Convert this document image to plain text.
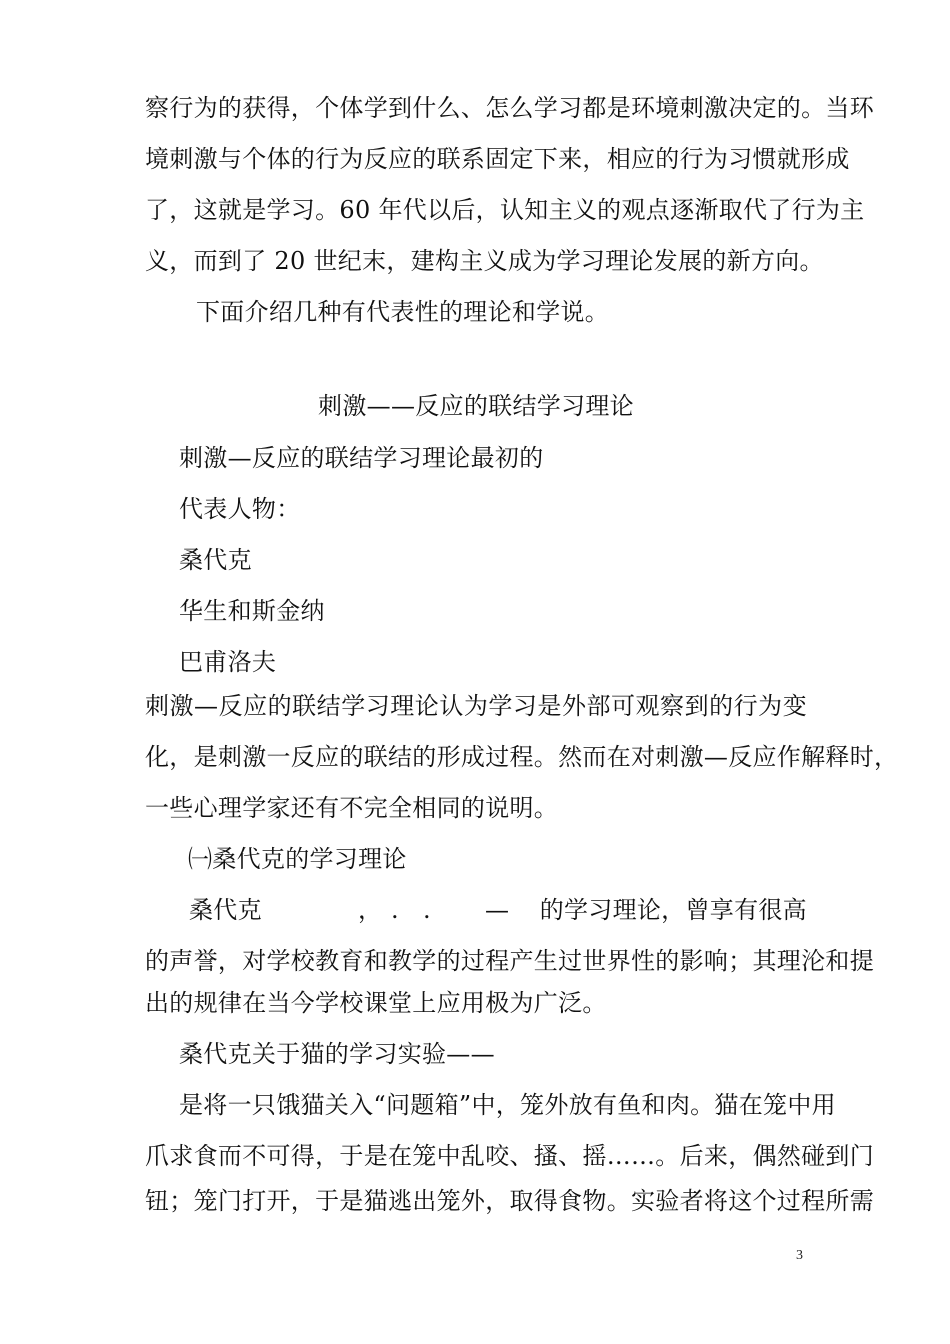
察行为的获得，个体学到什么、怎么学习都是环境刺激决定的。当环

境刺激与个体的行为反应的联系固定下来，相应的行为习惯就形成

了，这就是学习。60 年代以后，认知主义的观点逐渐取代了行为主

义，而到了 20 世纪末，建构主义成为学习理论发展的新方向。

下面介绍几种有代表性的理论和学说。

刺激——反应的联结学习理论

刺激—反应的联结学习理论最初的

代表人物：

桑代克

华生和斯金纳

巴甫洛夫

刺激—反应的联结学习理论认为学习是外部可观察到的行为变

化，是刺激一反应的联结的形成过程。然而在对刺激—反应作解释时，

一些心理学家还有不完全相同的说明。

㈠桑代克的学习理论

桑代克	， . . — 的学习理论，曾享有很高

的声誉，对学校教育和教学的过程产生过世界性的影响；其理沦和提

出的规律在当今学校课堂上应用极为广泛。

桑代克关于猫的学习实验——

是将一只饿猫关入“问题箱”中，笼外放有鱼和肉。猫在笼中用

爪求食而不可得，于是在笼中乱咬、搔、摇……。后来，偶然碰到门

钮；笼门打开，于是猫逃出笼外，取得食物。实验者将这个过程所需

3
